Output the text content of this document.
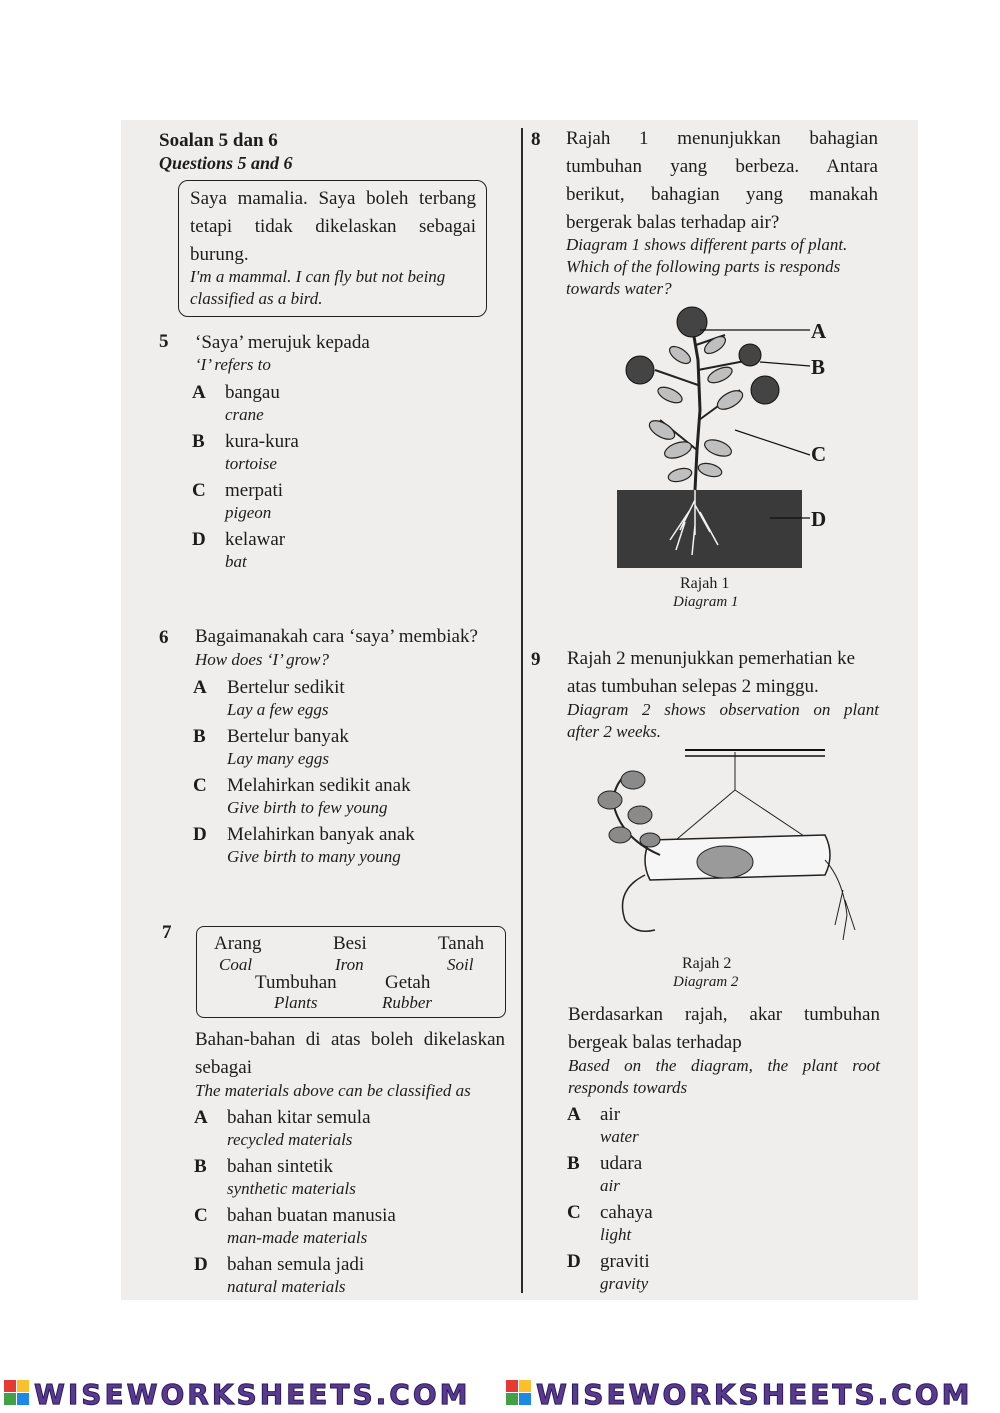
Soalan 5 dan 6
Questions 5 and 6
Saya mamalia. Saya boleh terbang
tetapi tidak dikelaskan sebagai
burung.
I'm a mammal. I can fly but not being
classified as a bird.
5 ‘Saya’ merujuk kepada
‘I’ refers to
A bangau
crane
B kura-kura
tortoise
C merpati
pigeon
D kelawar
bat
6 Bagaimanakah cara ‘saya’ membiak?
How does ‘I’ grow?
A Bertelur sedikit
Lay a few eggs
B Bertelur banyak
Lay many eggs
C Melahirkan sedikit anak
Give birth to few young
D Melahirkan banyak anak
Give birth to many young
7
Arang
Coal
Besi
Iron
Tanah
Soil
Tumbuhan
Plants
Getah
Rubber
Bahan-bahan di atas boleh dikelaskan
sebagai
The materials above can be classified as
A bahan kitar semula
recycled materials
B bahan sintetik
synthetic materials
C bahan buatan manusia
man-made materials
D bahan semula jadi
natural materials
8 Rajah 1 menunjukkan bahagian
tumbuhan yang berbeza. Antara
berikut, bahagian yang manakah
bergerak balas terhadap air?
Diagram 1 shows different parts of plant.
Which of the following parts is responds
towards water?
A
B
C
D
Rajah 1
Diagram 1
9 Rajah 2 menunjukkan pemerhatian ke
atas tumbuhan selepas 2 minggu.
Diagram 2 shows observation on plant
after 2 weeks.
Rajah 2
Diagram 2
Berdasarkan rajah, akar tumbuhan
bergeak balas terhadap
Based on the diagram, the plant root
responds towards
A air
water
B udara
air
C cahaya
light
D graviti
gravity
WISEWORKSHEETS.COM WISEWORKSHEETS.COM
